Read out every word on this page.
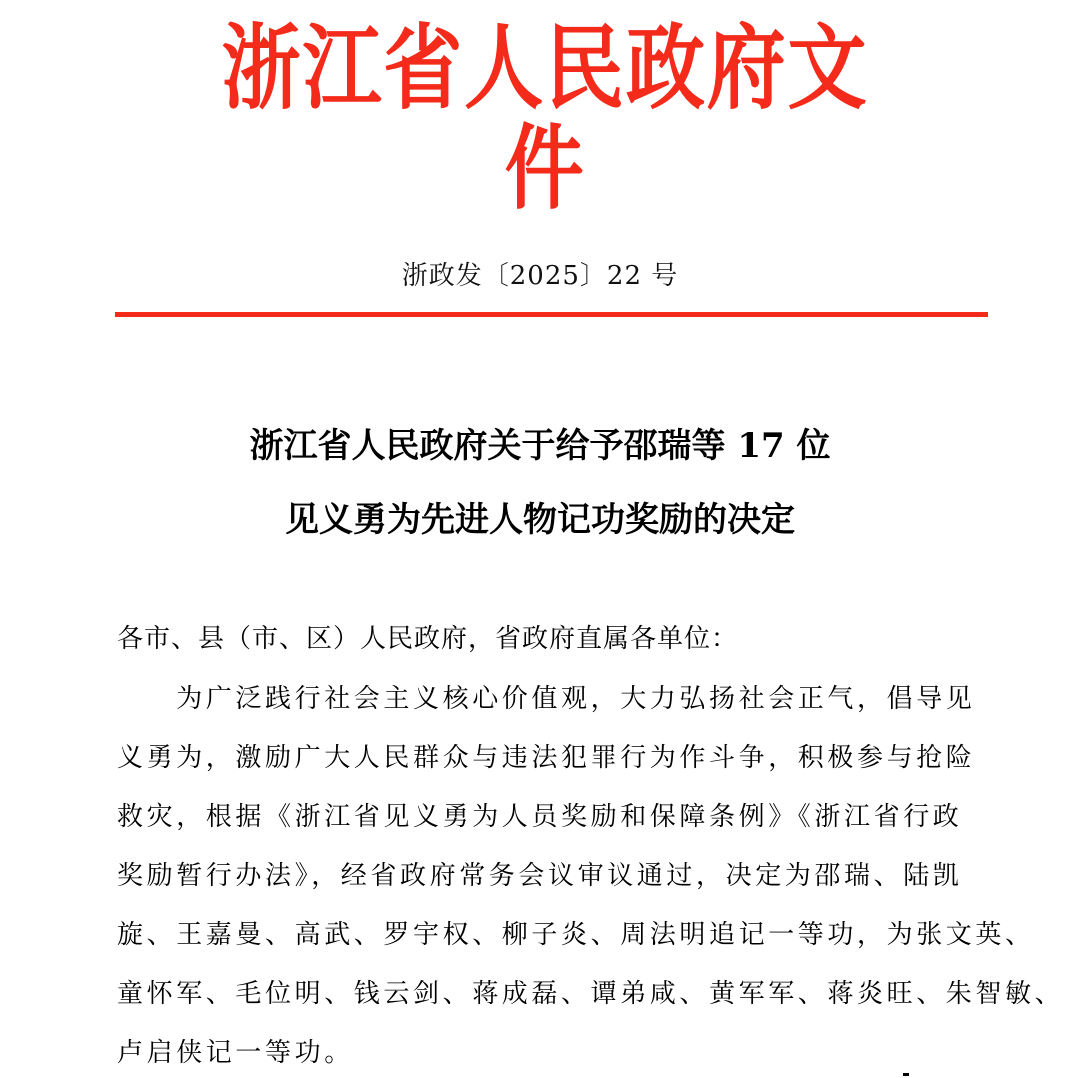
浙江省人民政府文件
浙政发〔2025〕22 号
浙江省人民政府关于给予邵瑞等 17 位
见义勇为先进人物记功奖励的决定
各市、县（市、区）人民政府，省政府直属各单位：
　　为广泛践行社会主义核心价值观，大力弘扬社会正气，倡导见
义勇为，激励广大人民群众与违法犯罪行为作斗争，积极参与抢险
救灾，根据《浙江省见义勇为人员奖励和保障条例》《浙江省行政
奖励暂行办法》，经省政府常务会议审议通过，决定为邵瑞、陆凯
旋、王嘉曼、高武、罗宇权、柳子炎、周法明追记一等功，为张文英、
童怀军、毛位明、钱云剑、蒋成磊、谭弟咸、黄军军、蒋炎旺、朱智敏、
卢启侠记一等功。
